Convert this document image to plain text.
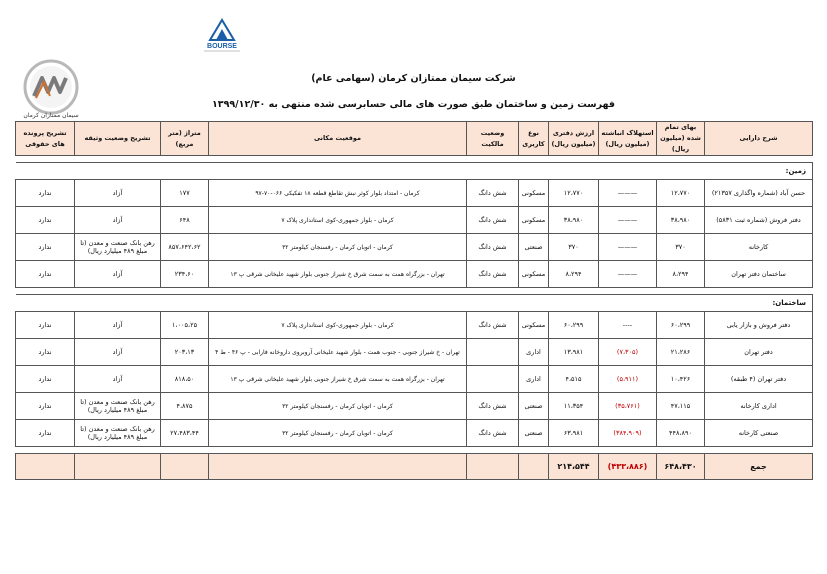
BOURSE
سیمان ممتازان کرمان
شرکت سیمان ممتازان کرمان (سهامی عام)
فهرست زمین و ساختمان طبق صورت های مالی حسابرسی شده منتهی به ۱۳۹۹/۱۲/۳۰
شرح دارایی	بهای تمام شده (میلیون ریال)	استهلاک انباشته (میلیون ریال)	ارزش دفتری (میلیون ریال)	نوع کاربری	وضعیت مالکیت	موقعیت مکانی	متراژ (متر مربع)	تشریح وضعیت وثیقه	تشریح پرونده های حقوقی

زمین:									
حسن آباد (شماره واگذاری ۲۱۳۵۷)	۱۲،۷۷۰	———	۱۲،۷۷۰	مسکونی	شش دانگ	کرمان - امتداد بلوار کوثر نبش تقاطع قطعه ۱۸ تفکیکی ۰۶۶-۷۰-۹۷	۱۷۷	آزاد	ندارد
دفتر فروش (شماره ثبت ۵۸۳۱)	۳۸،۹۸۰	———	۳۸،۹۸۰	مسکونی	شش دانگ	کرمان - بلوار جمهوری-کوی استانداری پلاک ۷	۶۴۸	آزاد	ندارد
کارخانه	۳۷۰	———	۳۷۰	صنعتی	شش دانگ	کرمان - اتوبان کرمان - رفسنجان کیلومتر ۳۲	۸۵۷،۶۴۲،۶۲	رهن بانک صنعت و معدن (تا مبلغ ۴۸۹ میلیارد ریال)	ندارد
ساختمان دفتر تهران	۸،۲۹۴	———	۸،۲۹۴	مسکونی	شش دانگ	تهران - بزرگراه همت به سمت شرق خ شیراز جنوبی بلوار شهید علیخانی شرقی پ ۱۳	۲۳۴،۶۰	آزاد	ندارد

ساختمان:									
دفتر فروش و بازار یابی	۶۰،۲۹۹	----	۶۰،۲۹۹	مسکونی	شش دانگ	کرمان - بلوار جمهوری-کوی استانداری پلاک ۷	۱،۰۰۵،۲۵	آزاد	ندارد
دفتر تهران	۲۱،۲۸۶	(۷،۳۰۵)	۱۳،۹۸۱	اداری		تهران - خ شیراز جنوبی - جنوب همت - بلوار شهید علیخانی آروبروی داروخانه فارابی - پ ۴۶ - ط ۴	۲۰۳،۱۳	آزاد	ندارد
دفتر تهران (۴ طبقه)	۱۰،۴۲۶	(۵،۹۱۱)	۴،۵۱۵	اداری		تهران - بزرگراه همت به سمت شرق خ شیراز جنوبی بلوار شهید علیخانی شرقی پ ۱۳	۸۱۸،۵۰	آزاد	ندارد
اداری کارخانه	۴۷،۱۱۵	(۳۵،۷۶۱)	۱۱،۳۵۴	صنعتی	شش دانگ	کرمان - اتوبان کرمان - رفسنجان کیلومتر ۳۲	۴،۸۷۵	رهن بانک صنعت و معدن (تا مبلغ ۴۸۹ میلیارد ریال)	ندارد
صنعتی کارخانه	۴۴۸،۸۹۰	(۳۸۴،۹۰۹)	۶۳،۹۸۱	صنعتی	شش دانگ	کرمان - اتوبان کرمان - رفسنجان کیلومتر ۳۲	۲۷،۴۸۳،۴۴	رهن بانک صنعت و معدن (تا مبلغ ۴۸۹ میلیارد ریال)	ندارد

جمع	۶۴۸،۴۳۰	(۴۳۳،۸۸۶)	۲۱۴،۵۴۴						
